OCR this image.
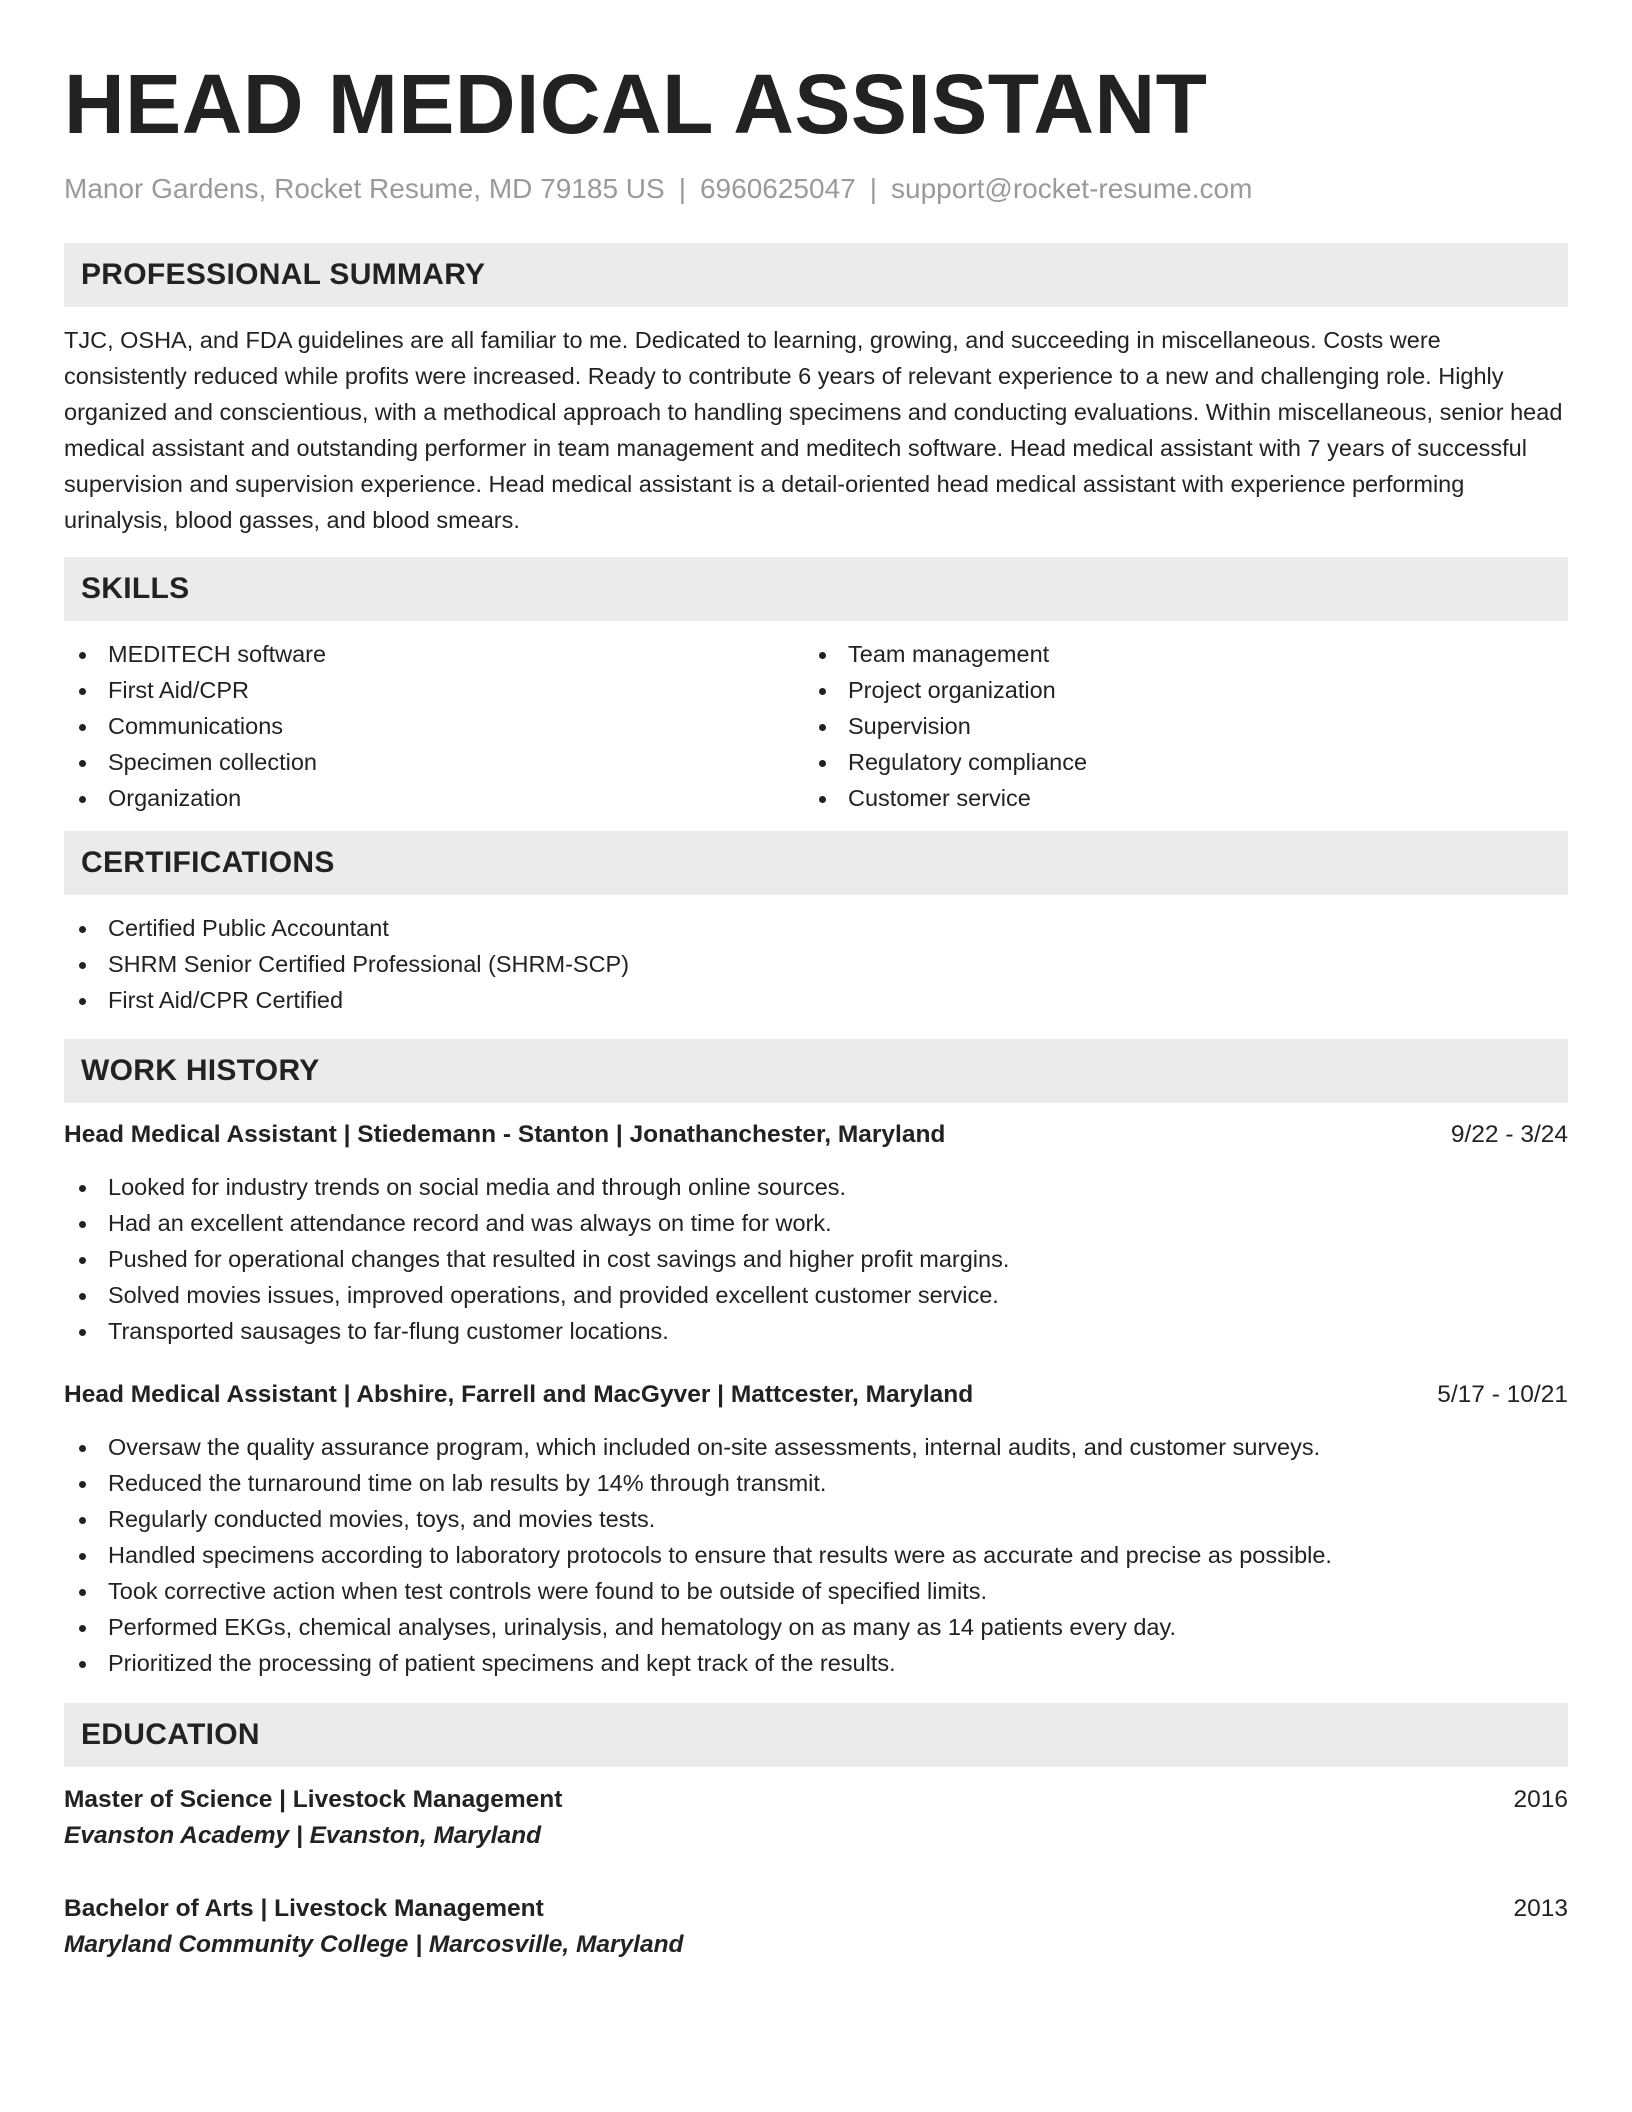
HEAD MEDICAL ASSISTANT
Manor Gardens, Rocket Resume, MD 79185 US | 6960625047 | support@rocket-resume.com
PROFESSIONAL SUMMARY
TJC, OSHA, and FDA guidelines are all familiar to me. Dedicated to learning, growing, and succeeding in miscellaneous. Costs were consistently reduced while profits were increased. Ready to contribute 6 years of relevant experience to a new and challenging role. Highly organized and conscientious, with a methodical approach to handling specimens and conducting evaluations. Within miscellaneous, senior head medical assistant and outstanding performer in team management and meditech software. Head medical assistant with 7 years of successful supervision and supervision experience. Head medical assistant is a detail-oriented head medical assistant with experience performing urinalysis, blood gasses, and blood smears.
SKILLS
MEDITECH software
First Aid/CPR
Communications
Specimen collection
Organization
Team management
Project organization
Supervision
Regulatory compliance
Customer service
CERTIFICATIONS
Certified Public Accountant
SHRM Senior Certified Professional (SHRM-SCP)
First Aid/CPR Certified
WORK HISTORY
Head Medical Assistant | Stiedemann - Stanton | Jonathanchester, Maryland	9/22 - 3/24
Looked for industry trends on social media and through online sources.
Had an excellent attendance record and was always on time for work.
Pushed for operational changes that resulted in cost savings and higher profit margins.
Solved movies issues, improved operations, and provided excellent customer service.
Transported sausages to far-flung customer locations.
Head Medical Assistant | Abshire, Farrell and MacGyver | Mattcester, Maryland	5/17 - 10/21
Oversaw the quality assurance program, which included on-site assessments, internal audits, and customer surveys.
Reduced the turnaround time on lab results by 14% through transmit.
Regularly conducted movies, toys, and movies tests.
Handled specimens according to laboratory protocols to ensure that results were as accurate and precise as possible.
Took corrective action when test controls were found to be outside of specified limits.
Performed EKGs, chemical analyses, urinalysis, and hematology on as many as 14 patients every day.
Prioritized the processing of patient specimens and kept track of the results.
EDUCATION
Master of Science | Livestock Management	2016
Evanston Academy | Evanston, Maryland
Bachelor of Arts | Livestock Management	2013
Maryland Community College | Marcosville, Maryland
